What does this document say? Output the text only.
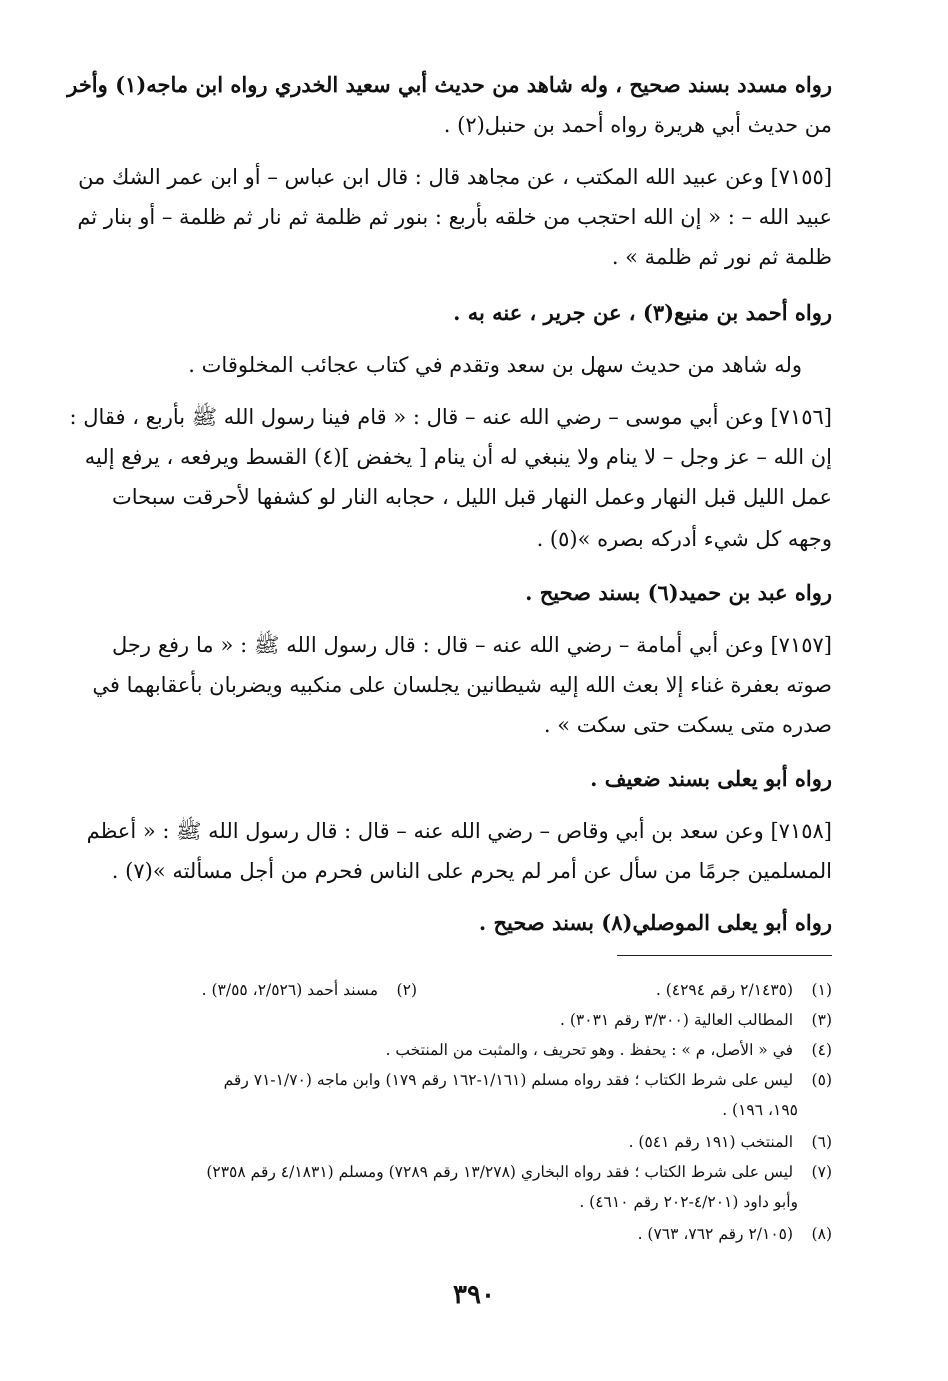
رواه مسدد بسند صحيح ، وله شاهد من حديث أبي سعيد الخدري رواه ابن ماجه(١) وأخر
من حديث أبي هريرة رواه أحمد بن حنبل(٢) .
[٧١٥٥] وعن عبيد الله المكتب ، عن مجاهد قال : قال ابن عباس – أو ابن عمر الشك من
عبيد الله – : « إن الله احتجب من خلقه بأربع : بنور ثم ظلمة ثم نار ثم ظلمة – أو بنار ثم
ظلمة ثم نور ثم ظلمة » .
رواه أحمد بن منيع(٣) ، عن جرير ، عنه به .
وله شاهد من حديث سهل بن سعد وتقدم في كتاب عجائب المخلوقات .
[٧١٥٦] وعن أبي موسى – رضي الله عنه – قال : « قام فينا رسول الله ﷺ بأربع ، فقال :
إن الله – عز وجل – لا ينام ولا ينبغي له أن ينام [ يخفض ](٤) القسط ويرفعه ، يرفع إليه
عمل الليل قبل النهار وعمل النهار قبل الليل ، حجابه النار لو كشفها لأحرقت سبحات
وجهه كل شيء أدركه بصره »(٥) .
رواه عبد بن حميد(٦) بسند صحيح .
[٧١٥٧] وعن أبي أمامة – رضي الله عنه – قال : قال رسول الله ﷺ : « ما رفع رجل
صوته بعفرة غناء إلا بعث الله إليه شيطانين يجلسان على منكبيه ويضربان بأعقابهما في
صدره متى يسكت حتى سكت » .
رواه أبو يعلى بسند ضعيف .
[٧١٥٨] وعن سعد بن أبي وقاص – رضي الله عنه – قال : قال رسول الله ﷺ : « أعظم
المسلمين جرمًا من سأل عن أمر لم يحرم على الناس فحرم من أجل مسألته »(٧) .
رواه أبو يعلى الموصلي(٨) بسند صحيح .
(١) (٢/١٤٣٥ رقم ٤٢٩٤) .
(٢) مسند أحمد (٢/٥٢٦، ٣/٥٥) .
(٣) المطالب العالية (٣/٣٠٠ رقم ٣٠٣١) .
(٤) في « الأصل، م » : يحفظ . وهو تحريف ، والمثبت من المنتخب .
(٥) ليس على شرط الكتاب ؛ فقد رواه مسلم (١/١٦١-١٦٢ رقم ١٧٩) وابن ماجه (١/٧٠-٧١ رقم
١٩٥، ١٩٦) .
(٦) المنتخب (١٩١ رقم ٥٤١) .
(٧) ليس على شرط الكتاب ؛ فقد رواه البخاري (١٣/٢٧٨ رقم ٧٢٨٩) ومسلم (٤/١٨٣١ رقم ٢٣٥٨)
وأبو داود (٤/٢٠١-٢٠٢ رقم ٤٦١٠) .
(٨) (٢/١٠٥ رقم ٧٦٢، ٧٦٣) .
٣٩٠
